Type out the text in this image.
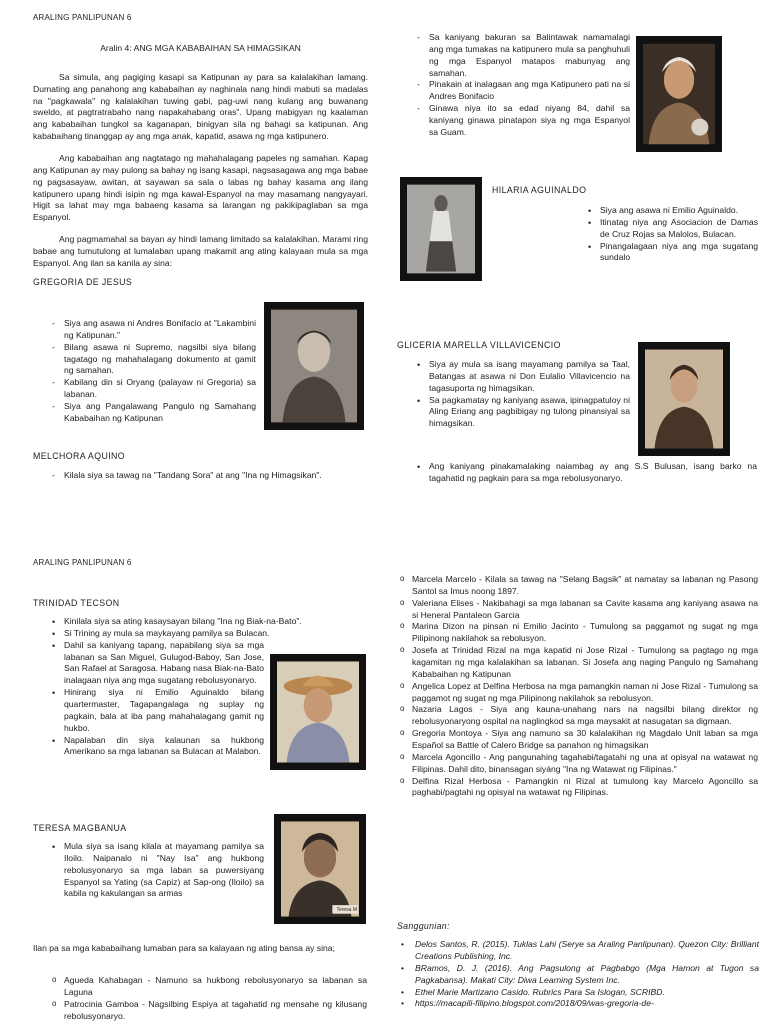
ARALING PANLIPUNAN 6
Aralin 4: ANG MGA KABABAIHAN SA HIMAGSIKAN

Sa simula, ang pagiging kasapi sa Katipunan ay para sa kalalakihan lamang. Dumating ang panahong ang kababaihan ay naghinala nang hindi mabuti sa madalas na "pagkawala" ng kalalakihan tuwing gabi, pag-uwi nang kulang ang buwanang sweldo, at pagtratrabaho nang napakahabang oras". Upang mabigyan ng kaalaman ang kababaihan tungkol sa kaganapan, binigyan sila ng bahagi sa katipunan. Ang kababaihang tinanggap ay ang mga anak, kapatid, asawa ng mga katipunero.

Ang kababaihan ang nagtatago ng mahahalagang papeles ng samahan. Kapag ang Katipunan ay may pulong sa bahay ng isang kasapi, nagsasagawa ang mga babae ng pagsasayaw, awitan, at sayawan sa sala o labas ng bahay kasama ang ilang katipunero upang hindi isipin ng mga kawal-Espanyol na may masamang nangyayari. Higit sa lahat may mga babaeng kasama sa larangan ng pakikipaglaban sa mga Espanyol.

Ang pagmamahal sa bayan ay hindi lamang limitado sa kalalakihan. Marami ring babae ang tumutulong at lumalaban upang makamit ang ating kalayaan mula sa mga Espanyol. Ang ilan sa kanila ay sina:

GREGORIA DE JESUS
- Siya ang asawa ni Andres Bonifacio at "Lakambini ng Katipunan."
- Bilang asawa ni Supremo, nagsilbi siya bilang tagatago ng mahahalagang dokumento at gamit ng samahan.
- Kabilang din si Oryang (palayaw ni Gregoria) sa labanan.
- Siya ang Pangalawang Pangulo ng Samahang Kababaihan ng Katipunan
MELCHORA AQUINO
- Kilala siya sa tawag na "Tandang Sora" at ang "Ina ng Himagsikan".
- Sa kaniyang bakuran sa Balintawak namamalagi ang mga tumakas na katipunero mula sa panghuhuli ng mga Espanyol matapos mabunyag ang samahan.
- Pinakain at inalagaan ang mga Katipunero pati na si Andres Bonifacio
- Ginawa niya ito sa edad niyang 84, dahil sa kaniyang ginawa pinatapon siya ng mga Espanyol sa Guam.
HILARIA AGUINALDO
• Siya ang asawa ni Emilio Aguinaldo.
• Itinatag niya ang Asociacion de Damas de Cruz Rojas sa Malolos, Bulacan.
• Pinangalagaan niya ang mga sugatang sundalo
GLICERIA MARELLA VILLAVICENCIO
• Siya ay mula sa isang mayamang pamilya sa Taal, Batangas at asawa ni Don Eulalio Villavicencio na tagasuporta ng himagsikan.
• Sa pagkamatay ng kaniyang asawa, ipinagpatuloy ni Aling Eriang ang pagbibigay ng tulong pinansiyal sa himagsikan.
• Ang kaniyang pinakamalaking naiambag ay ang S.S Bulusan, isang barko na tagahatid ng pagkain para sa mga rebolusyonaryo.
ARALING PANLIPUNAN 6
TRINIDAD TECSON
• Kinilala siya sa ating kasaysayan bilang "Ina ng Biak-na-Bato".
• Si Trining ay mula sa maykayang pamilya sa Bulacan.
• Dahil sa kaniyang tapang, napabilang siya sa mga labanan sa San Miguel, Gulugod-Baboy, San Jose, San Rafael at Saragosa. Habang nasa Biak-na-Bato inalagaan niya ang mga sugatang rebolusyonaryo.
• Hinirang siya ni Emilio Aguinaldo bilang quartermaster, Tagapangalaga ng suplay ng pagkain, bala at iba pang mahahalagang gamit ng hukbo.
• Napalaban din siya kalaunan sa hukbong Amerikano sa mga labanan sa Bulacan at Malabon.
TERESA MAGBANUA
• Mula siya sa isang kilala at mayamang pamilya sa Iloilo. Naipanalo ni "Nay Isa" ang hukbong rebolusyonaryo sa mga laban sa puwersiyang Espanyol sa Yating (sa Capiz) at Sap-ong (Iloilo) sa kabila ng kakulangan sa armas
Teresa M

Ilan pa sa mga kababaihang lumaban para sa kalayaan ng ating bansa ay sina;

o Agueda Kahabagan - Namuno sa hukbong rebolusyonaryo sa labanan sa Laguna
o Patrocinia Gamboa - Nagsilbing Espiya at tagahatid ng mensahe ng kilusang rebolusyonaryo.
o Marcela Marcelo - Kilala sa tawag na "Selang Bagsik" at namatay sa labanan ng Pasong Santol sa Imus noong 1897.
o Valeriana Elises - Nakibahagi sa mga labanan sa Cavite kasama ang kaniyang asawa na si Heneral Pantaleon Garcia
o Marina Dizon na pinsan ni Emilio Jacinto - Tumulong sa paggamot ng sugat ng mga Pilipinong nakilahok sa rebolusyon.
o Josefa at Trinidad Rizal na mga kapatid ni Jose Rizal - Tumulong sa pagtago ng mga kagamitan ng mga kalalakihan sa labanan. Si Josefa ang naging Pangulo ng Samahang Kababaihan ng Katipunan
o Angelica Lopez at Delfina Herbosa na mga pamangkin naman ni Jose Rizal - Tumulong sa paggamot ng sugat ng mga Pilipinong nakilahok sa rebolusyon.
o Nazaria Lagos - Siya ang kauna-unahang nars na nagsilbi bilang direktor ng rebolusyonaryong ospital na naglingkod sa mga maysakit at nasugatan sa digmaan.
o Gregoria Montoya - Siya ang namuno sa 30 kalalakihan ng Magdalo Unit laban sa mga Español sa Battle of Calero Bridge sa panahon ng himagsikan
o Marcela Agoncillo - Ang pangunahing tagahabi/tagatahi ng una at opisyal na watawat ng Filipinas. Dahil dito, binansagan siyáng "Ina ng Watawat ng Filipinas."
o Delfina Rizal Herbosa - Pamangkin ni Rizal at tumulong kay Marcelo Agoncillo sa paghabi/pagtahi ng opisyal na watawat ng Filipinas.
Sanggunian:
• Delos Santos, R. (2015). Tuklas Lahi (Serye sa Araling Panlipunan). Quezon City: Brilliant Creations Publishing, Inc.
• BRamos, D. J. (2016). Ang Pagsulong at Pagbabgo (Mga Hamon at Tugon sa Pagkabansa). Makati City: Diwa Learning System Inc.
• Ethel Marie Martizano Casido. Rubrics Para Sa Islogan, SCRIBD.
• https://macapili-filipino.blogspot.com/2018/09/was-gregoria-de-
